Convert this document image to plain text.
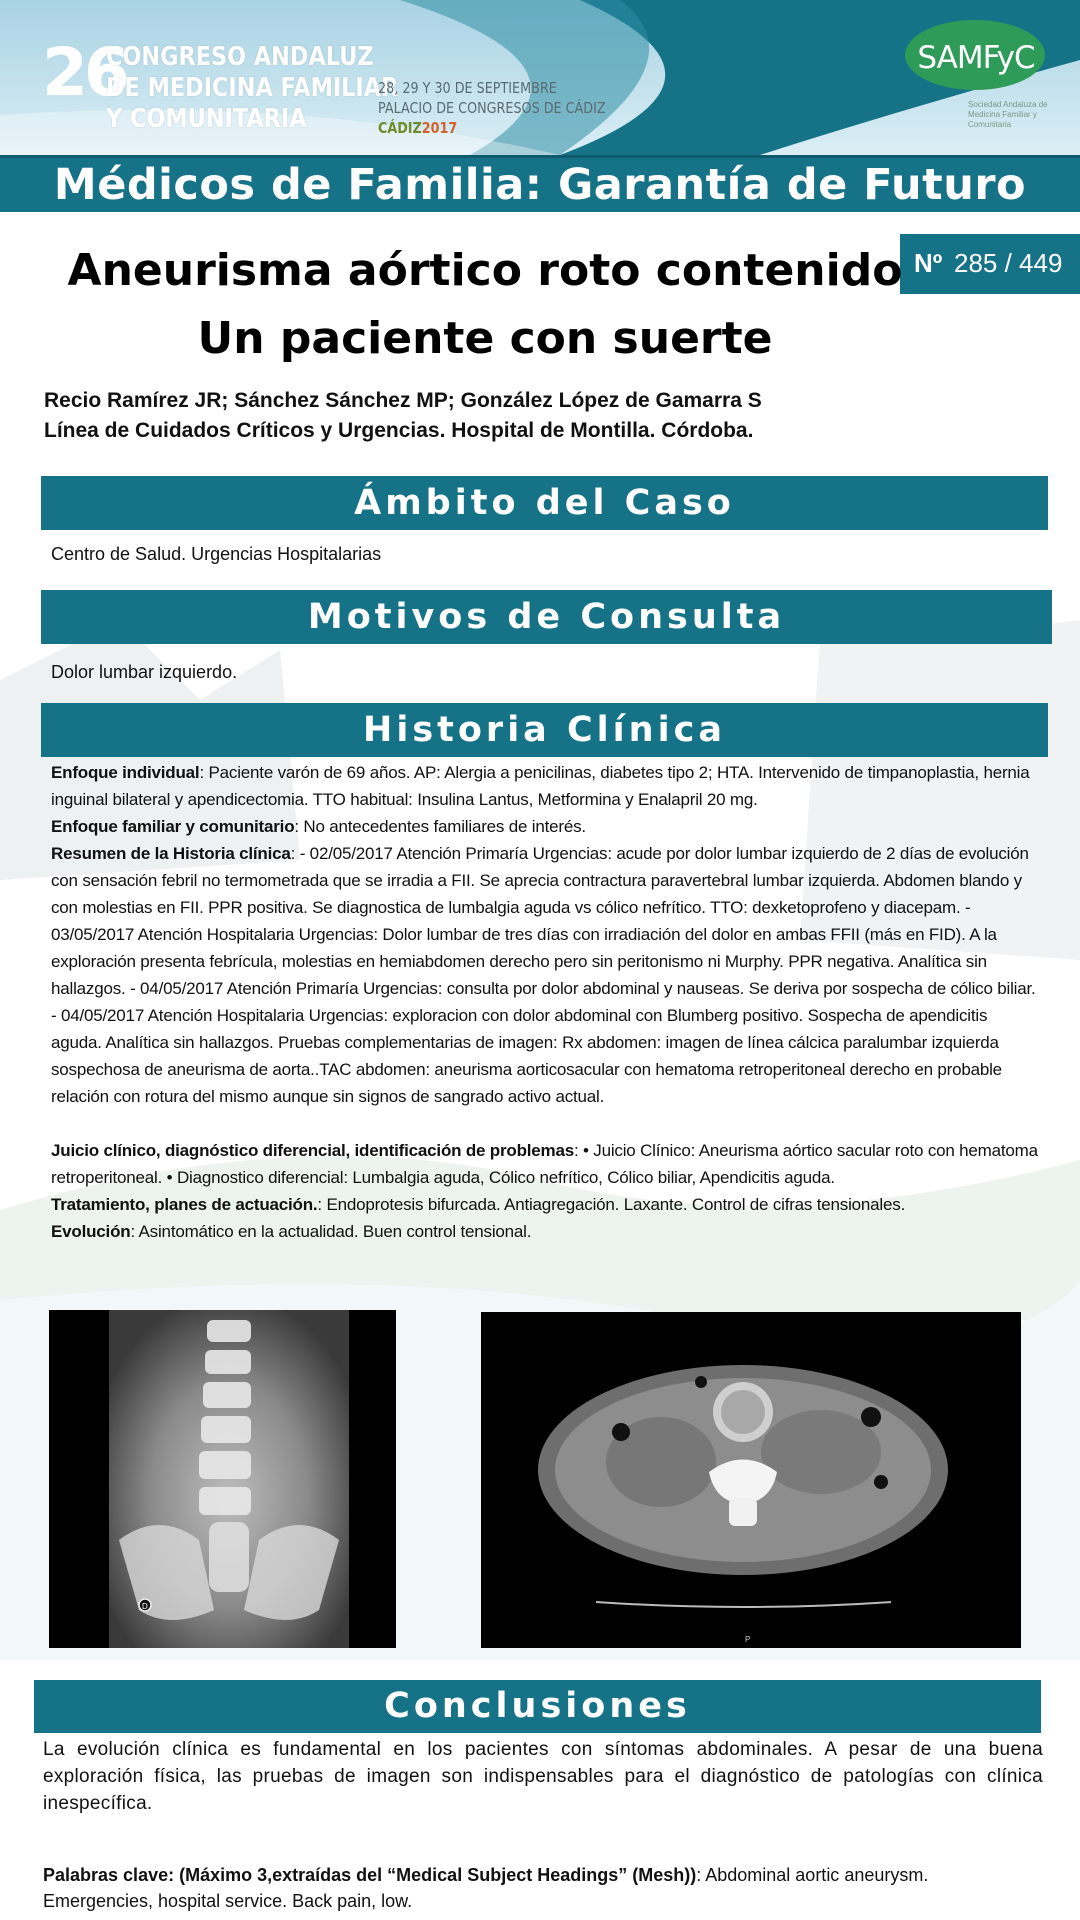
26
CONGRESO ANDALUZ
DE MEDICINA FAMILIAR
Y COMUNITARIA
28, 29 Y 30 DE SEPTIEMBRE
PALACIO DE CONGRESOS DE CÁDIZ
CÁDIZ2017
SAMFyC
Sociedad Andaluza de Medicina Familiar y Comunitaria
Médicos de Familia: Garantía de Futuro
Nº 285 / 449
Aneurisma aórtico roto contenido
Un paciente con suerte
Recio Ramírez JR; Sánchez Sánchez MP; González López de Gamarra S
Línea de Cuidados Críticos y Urgencias. Hospital de Montilla. Córdoba.
Ámbito del Caso
Centro de Salud. Urgencias Hospitalarias
Motivos de Consulta
Dolor lumbar izquierdo.
Historia Clínica
Enfoque individual: Paciente varón de 69 años. AP: Alergia a penicilinas, diabetes tipo 2; HTA. Intervenido de timpanoplastia, hernia inguinal bilateral y apendicectomia. TTO habitual: Insulina Lantus, Metformina y Enalapril 20 mg.
Enfoque familiar y comunitario: No antecedentes familiares de interés.
Resumen de la Historia clínica: - 02/05/2017 Atención Primaría Urgencias: acude por dolor lumbar izquierdo de 2 días de evolución con sensación febril no termometrada que se irradia a FII. Se aprecia contractura paravertebral lumbar izquierda. Abdomen blando y con molestias en FII. PPR positiva. Se diagnostica de lumbalgia aguda vs cólico nefrítico. TTO: dexketoprofeno y diacepam. - 03/05/2017 Atención Hospitalaria Urgencias: Dolor lumbar de tres días con irradiación del dolor en ambas FFII (más en FID). A la exploración presenta febrícula, molestias en hemiabdomen derecho pero sin peritonismo ni Murphy. PPR negativa. Analítica sin hallazgos. - 04/05/2017 Atención Primaría Urgencias: consulta por dolor abdominal y nauseas. Se deriva por sospecha de cólico biliar. - 04/05/2017 Atención Hospitalaria Urgencias: exploracion con dolor abdominal con Blumberg positivo. Sospecha de apendicitis aguda. Analítica sin hallazgos. Pruebas complementarias de imagen: Rx abdomen: imagen de línea cálcica paralumbar izquierda sospechosa de aneurisma de aorta..TAC abdomen: aneurisma aorticosacular con hematoma retroperitoneal derecho en probable relación con rotura del mismo aunque sin signos de sangrado activo actual.
Juicio clínico, diagnóstico diferencial, identificación de problemas: • Juicio Clínico: Aneurisma aórtico sacular roto con hematoma retroperitoneal. • Diagnostico diferencial: Lumbalgia aguda, Cólico nefrítico, Cólico biliar, Apendicitis aguda.
Tratamiento, planes de actuación.: Endoprotesis bifurcada. Antiagregación. Laxante. Control de cifras tensionales.
Evolución: Asintomático en la actualidad. Buen control tensional.
D
P
Conclusiones
La evolución clínica es fundamental en los pacientes con síntomas abdominales. A pesar de una buena exploración física, las pruebas de imagen son indispensables para el diagnóstico de patologías con clínica inespecífica.
Palabras clave: (Máximo 3,extraídas del “Medical Subject Headings” (Mesh)): Abdominal aortic aneurysm. Emergencies, hospital service. Back pain, low.
